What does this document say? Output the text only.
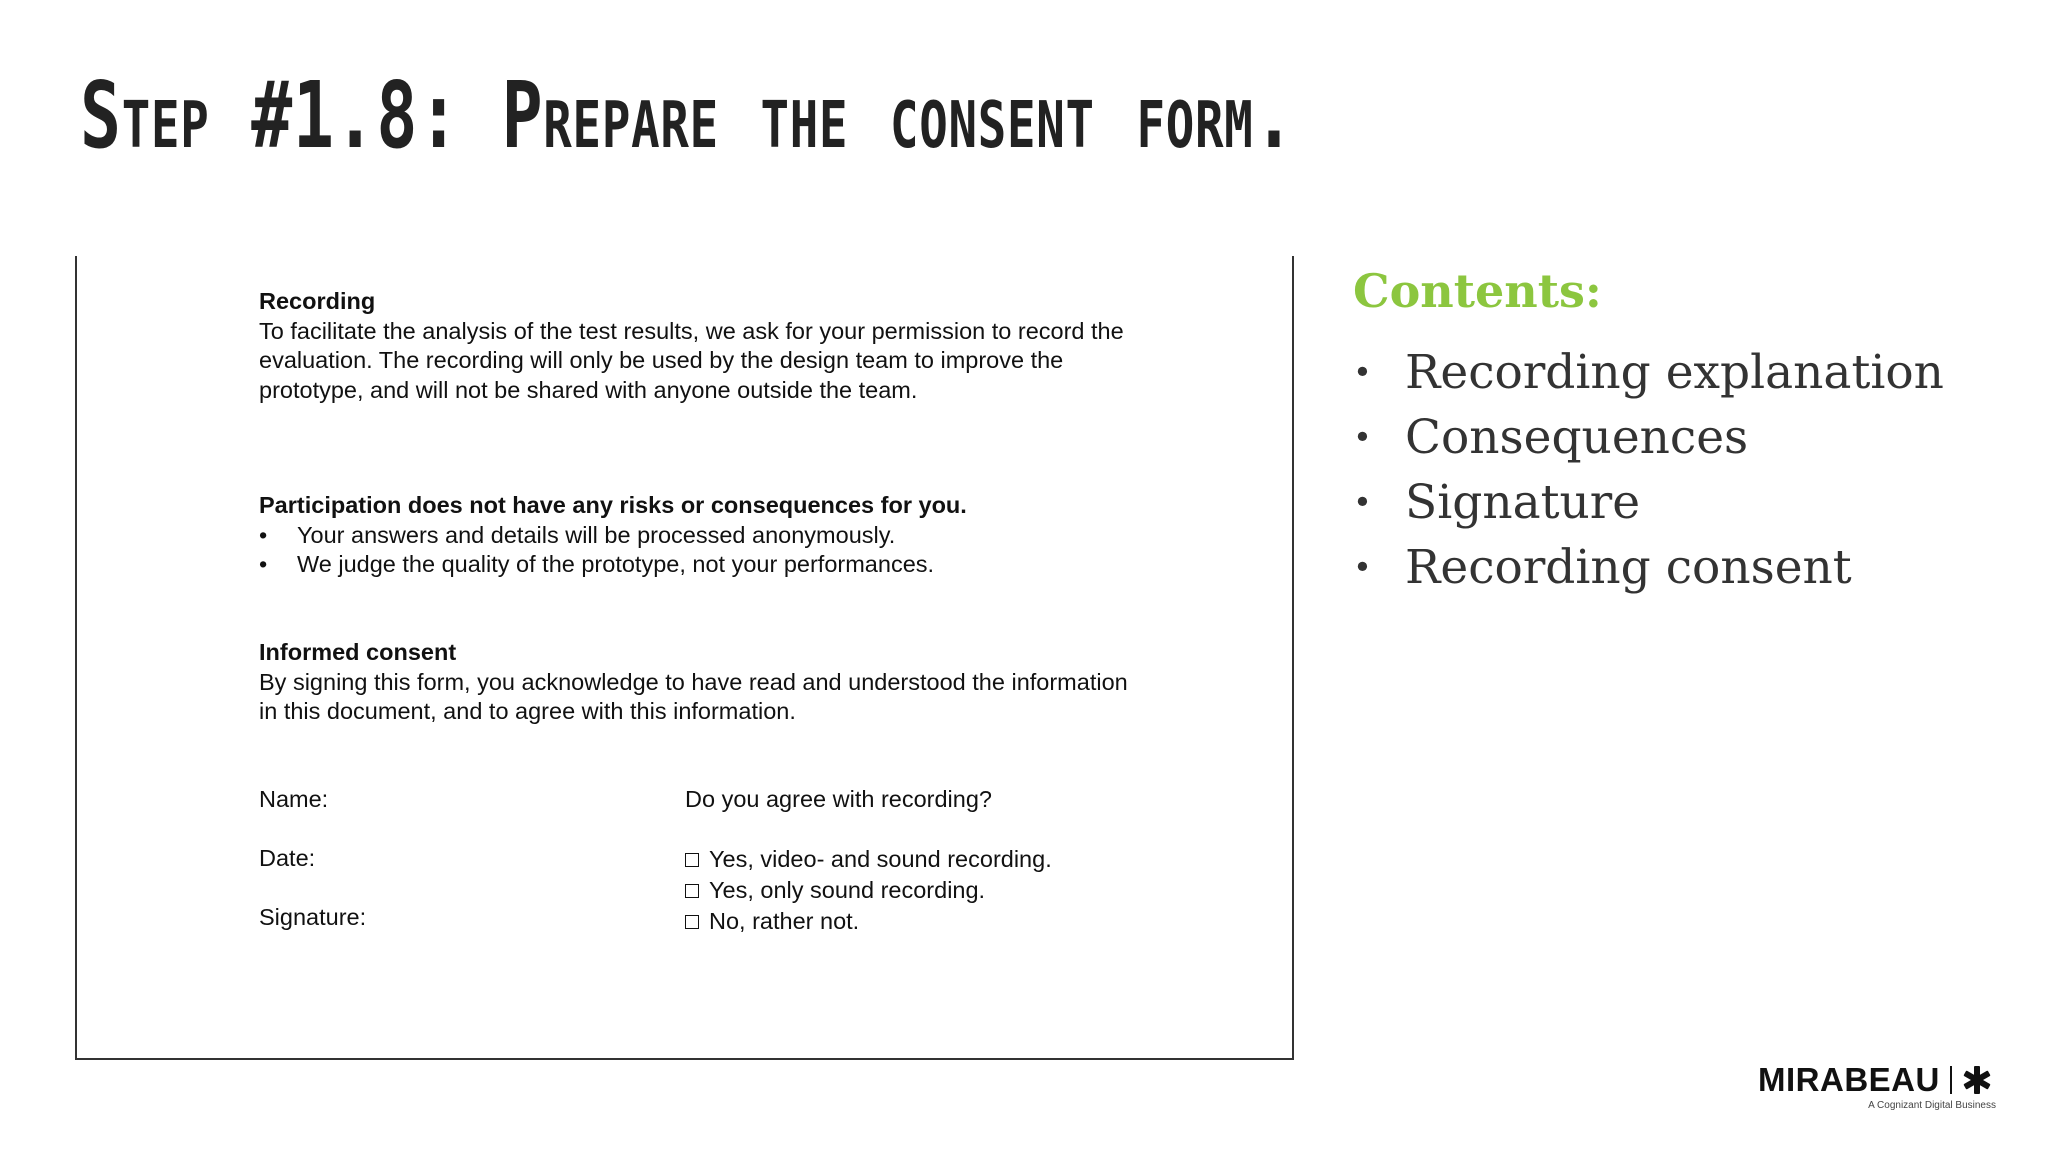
Step #1.8: Prepare the consent form.

Recording

To facilitate the analysis of the test results, we ask for your permission to record the evaluation. The recording will only be used by the design team to improve the prototype, and will not be shared with anyone outside the team.

Participation does not have any risks or consequences for you.

• Your answers and details will be processed anonymously.
• We judge the quality of the prototype, not your performances.

Informed consent

By signing this form, you acknowledge to have read and understood the information in this document, and to agree with this information.

Name:
Date:
Signature:
Do you agree with recording?
Yes, video- and sound recording.
Yes, only sound recording.
No, rather not.
Contents:
• Recording explanation
• Consequences
• Signature
• Recording consent
MIRABEAU
A Cognizant Digital Business
